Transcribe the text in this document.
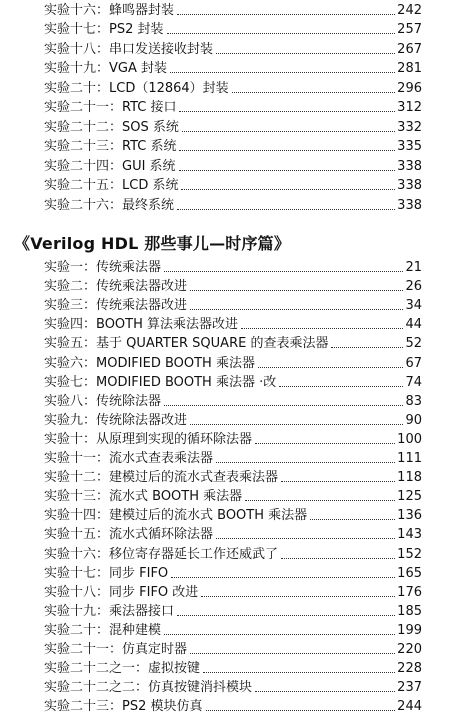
实验十六：蜂鸣器封装	242
实验十七：PS2 封装	257
实验十八：串口发送接收封装	267
实验十九：VGA 封装	281
实验二十：LCD（12864）封装	296
实验二十一：RTC 接口	312
实验二十二：SOS 系统	332
实验二十三：RTC 系统	335
实验二十四：GUI 系统	338
实验二十五：LCD 系统	338
实验二十六：最终系统	338
《Verilog HDL 那些事儿—时序篇》
实验一：传统乘法器	21
实验二：传统乘法器改进	26
实验三：传统乘法器改进	34
实验四：BOOTH 算法乘法器改进	44
实验五：基于 QUARTER SQUARE 的查表乘法器	52
实验六：MODIFIED BOOTH 乘法器	67
实验七：MODIFIED BOOTH 乘法器 ·改	74
实验八：传统除法器	83
实验九：传统除法器改进	90
实验十：从原理到实现的循环除法器	100
实验十一：流水式查表乘法器	111
实验十二：建模过后的流水式查表乘法器	118
实验十三：流水式 BOOTH 乘法器	125
实验十四：建模过后的流水式 BOOTH 乘法器	136
实验十五：流水式循环除法器	143
实验十六：移位寄存器延长工作还威武了	152
实验十七：同步 FIFO	165
实验十八：同步 FIFO 改进	176
实验十九：乘法器接口	185
实验二十：混种建模	199
实验二十一：仿真定时器	220
实验二十二之一：虚拟按键	228
实验二十二之二：仿真按键消抖模块	237
实验二十三：PS2 模块仿真	244
